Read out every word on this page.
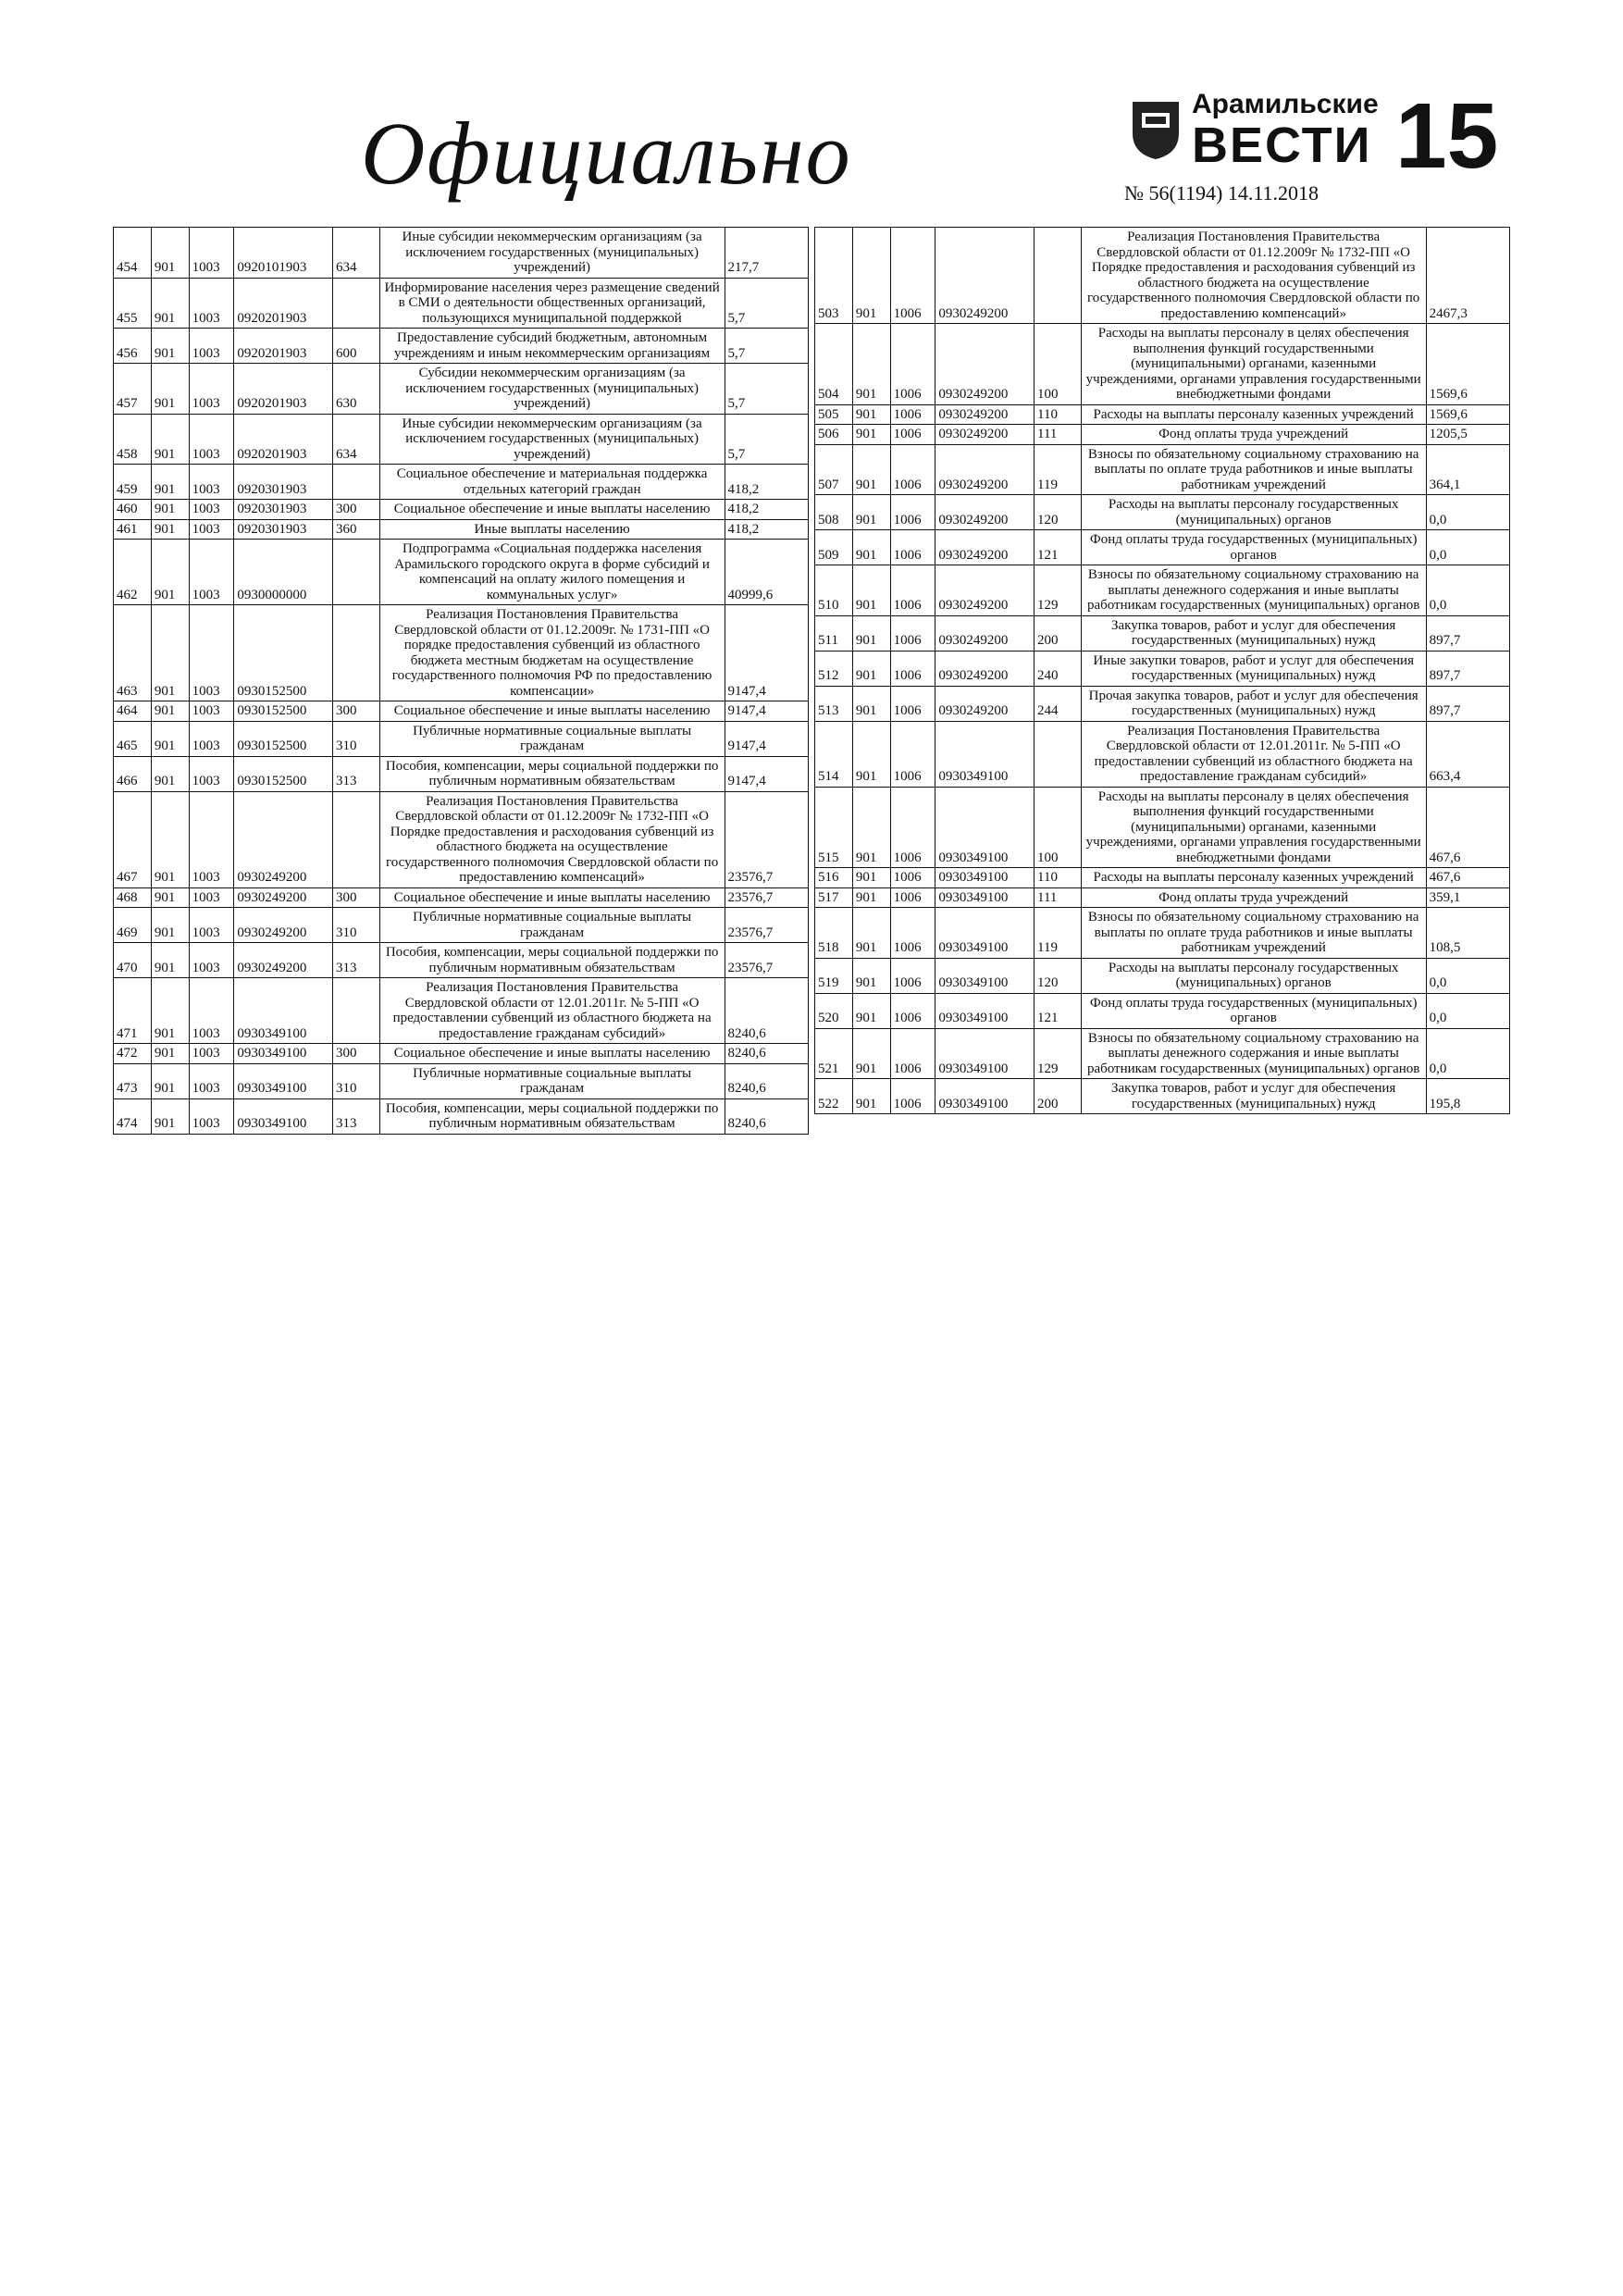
Официально	Арамильские
ВЕСТИ
№ 56(1194) 14.11.2018
15
454	901	1003	0920101903	634	Иные субсидии некоммерческим организациям (за исключением государственных (муниципальных) учреждений)	217,7
455	901	1003	0920201903		Информирование населения через размещение сведений в СМИ о деятельности общественных организаций, пользующихся муниципальной поддержкой	5,7
456	901	1003	0920201903	600	Предоставление субсидий бюджетным, автономным учреждениям и иным некоммерческим организациям	5,7
457	901	1003	0920201903	630	Субсидии некоммерческим организациям (за исключением государственных (муниципальных) учреждений)	5,7
458	901	1003	0920201903	634	Иные субсидии некоммерческим организациям (за исключением государственных (муниципальных) учреждений)	5,7
459	901	1003	0920301903		Социальное обеспечение и материальная поддержка отдельных категорий граждан	418,2
460	901	1003	0920301903	300	Социальное обеспечение и иные выплаты населению	418,2
461	901	1003	0920301903	360	Иные выплаты населению	418,2
462	901	1003	0930000000		Подпрограмма «Социальная поддержка населения Арамильского городского округа в форме субсидий и компенсаций на оплату жилого помещения и коммунальных услуг»	40999,6
463	901	1003	0930152500		Реализация Постановления Правительства Свердловской области от 01.12.2009г. № 1731-ПП «О порядке предоставления субвенций из областного бюджета местным бюджетам на осуществление государственного полномочия РФ по предоставлению компенсации»	9147,4
464	901	1003	0930152500	300	Социальное обеспечение и иные выплаты населению	9147,4
465	901	1003	0930152500	310	Публичные нормативные социальные выплаты гражданам	9147,4
466	901	1003	0930152500	313	Пособия, компенсации, меры социальной поддержки по публичным нормативным обязательствам	9147,4
467	901	1003	0930249200		Реализация Постановления Правительства Свердловской области от 01.12.2009г № 1732-ПП «О Порядке предоставления и расходования субвенций из областного бюджета на осуществление государственного полномочия Свердловской области по предоставлению компенсаций»	23576,7
468	901	1003	0930249200	300	Социальное обеспечение и иные выплаты населению	23576,7
469	901	1003	0930249200	310	Публичные нормативные социальные выплаты гражданам	23576,7
470	901	1003	0930249200	313	Пособия, компенсации, меры социальной поддержки по публичным нормативным обязательствам	23576,7
471	901	1003	0930349100		Реализация Постановления Правительства Свердловской области от 12.01.2011г. № 5-ПП «О предоставлении субвенций из областного бюджета на предоставление гражданам субсидий»	8240,6
472	901	1003	0930349100	300	Социальное обеспечение и иные выплаты населению	8240,6
473	901	1003	0930349100	310	Публичные нормативные социальные выплаты гражданам	8240,6
474	901	1003	0930349100	313	Пособия, компенсации, меры социальной поддержки по публичным нормативным обязательствам	8240,6
503	901	1006	0930249200		Реализация Постановления Правительства Свердловской области от 01.12.2009г № 1732-ПП «О Порядке предоставления и расходования субвенций из областного бюджета на осуществление государственного полномочия Свердловской области по предоставлению компенсаций»	2467,3
504	901	1006	0930249200	100	Расходы на выплаты персоналу в целях обеспечения выполнения функций государственными (муниципальными) органами, казенными учреждениями, органами управления государственными внебюджетными фондами	1569,6
505	901	1006	0930249200	110	Расходы на выплаты персоналу казенных учреждений	1569,6
506	901	1006	0930249200	111	Фонд оплаты труда учреждений	1205,5
507	901	1006	0930249200	119	Взносы по обязательному социальному страхованию на выплаты по оплате труда работников и иные выплаты работникам учреждений	364,1
508	901	1006	0930249200	120	Расходы на выплаты персоналу государственных (муниципальных) органов	0,0
509	901	1006	0930249200	121	Фонд оплаты труда государственных (муниципальных) органов	0,0
510	901	1006	0930249200	129	Взносы по обязательному социальному страхованию на выплаты денежного содержания и иные выплаты работникам государственных (муниципальных) органов	0,0
511	901	1006	0930249200	200	Закупка товаров, работ и услуг для обеспечения государственных (муниципальных) нужд	897,7
512	901	1006	0930249200	240	Иные закупки товаров, работ и услуг для обеспечения государственных (муниципальных) нужд	897,7
513	901	1006	0930249200	244	Прочая закупка товаров, работ и услуг для обеспечения государственных (муниципальных) нужд	897,7
514	901	1006	0930349100		Реализация Постановления Правительства Свердловской области от 12.01.2011г. № 5-ПП «О предоставлении субвенций из областного бюджета на предоставление гражданам субсидий»	663,4
515	901	1006	0930349100	100	Расходы на выплаты персоналу в целях обеспечения выполнения функций государственными (муниципальными) органами, казенными учреждениями, органами управления государственными внебюджетными фондами	467,6
516	901	1006	0930349100	110	Расходы на выплаты персоналу казенных учреждений	467,6
517	901	1006	0930349100	111	Фонд оплаты труда учреждений	359,1
518	901	1006	0930349100	119	Взносы по обязательному социальному страхованию на выплаты по оплате труда работников и иные выплаты работникам учреждений	108,5
519	901	1006	0930349100	120	Расходы на выплаты персоналу государственных (муниципальных) органов	0,0
520	901	1006	0930349100	121	Фонд оплаты труда государственных (муниципальных) органов	0,0
521	901	1006	0930349100	129	Взносы по обязательному социальному страхованию на выплаты денежного содержания и иные выплаты работникам государственных (муниципальных) органов	0,0
522	901	1006	0930349100	200	Закупка товаров, работ и услуг для обеспечения государственных (муниципальных) нужд	195,8
